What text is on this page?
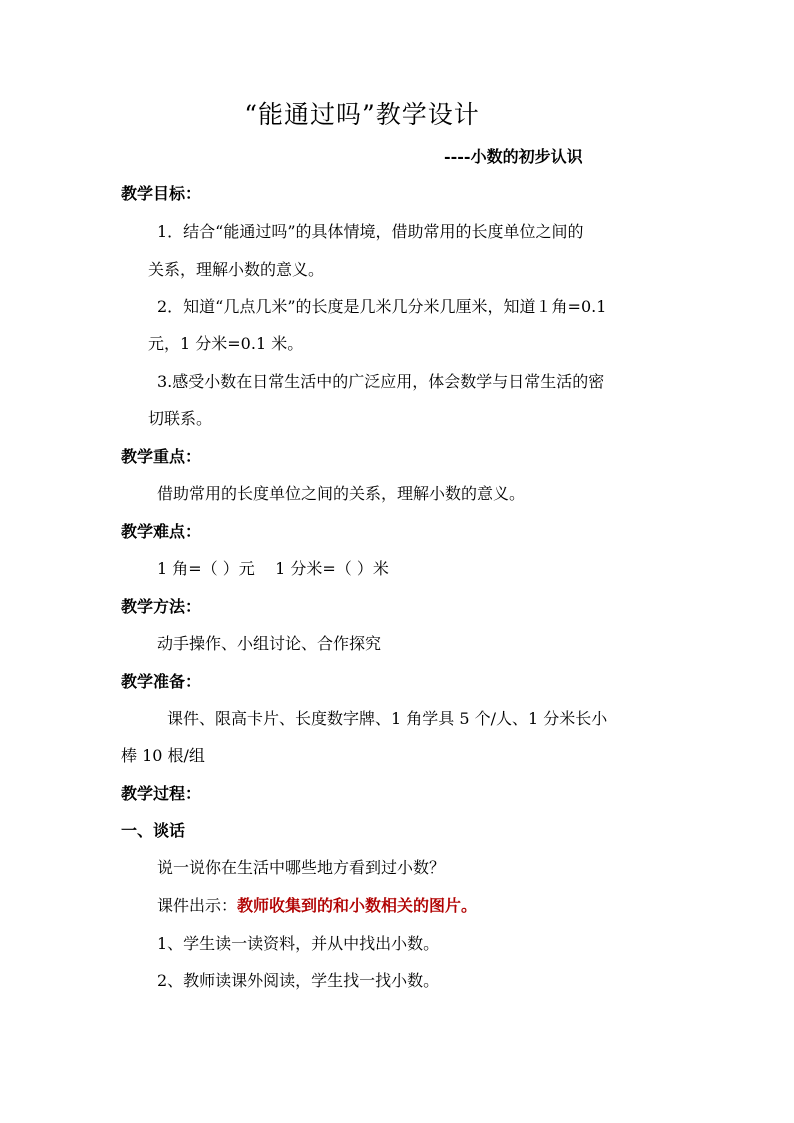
“能通过吗”教学设计
----小数的初步认识
教学目标：
1．结合“能通过吗”的具体情境，借助常用的长度单位之间的
关系，理解小数的意义。
2．知道“几点几米”的长度是几米几分米几厘米，知道１角=0.1
元，1 分米=0.1 米。
3.感受小数在日常生活中的广泛应用，体会数学与日常生活的密
切联系。
教学重点：
借助常用的长度单位之间的关系，理解小数的意义。
教学难点：
1 角=（ ）元    1 分米=（ ）米
教学方法：
动手操作、小组讨论、合作探究
教学准备：
课件、限高卡片、长度数字牌、1 角学具 5 个/人、1 分米长小
棒 10 根/组
教学过程：
一、谈话
说一说你在生活中哪些地方看到过小数？
课件出示：教师收集到的和小数相关的图片。
1、学生读一读资料，并从中找出小数。
2、教师读课外阅读，学生找一找小数。
